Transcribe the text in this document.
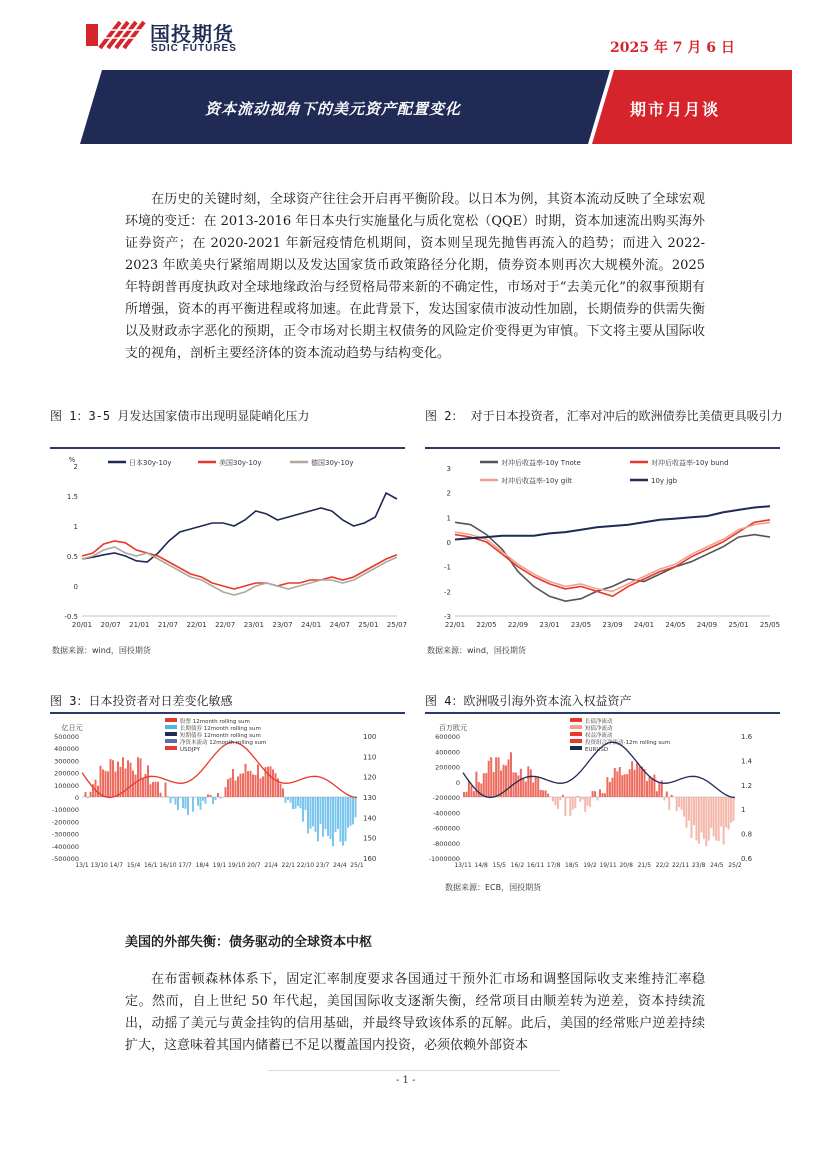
国投期货
SDIC FUTURES	2025 年 7 月 6 日
资本流动视角下的美元资产配置变化	期市月月谈

在历史的关键时刻，全球资产往往会开启再平衡阶段。以日本为例，其资本流动反映了全球宏观环境的变迁：在 2013-2016 年日本央行实施量化与质化宽松（QQE）时期，资本加速流出购买海外证券资产；在 2020-2021 年新冠疫情危机期间，资本则呈现先抛售再流入的趋势；而进入 2022-2023 年欧美央行紧缩周期以及发达国家货币政策路径分化期，债券资本则再次大规模外流。2025 年特朗普再度执政对全球地缘政治与经贸格局带来新的不确定性，市场对于“去美元化”的叙事预期有所增强，资本的再平衡进程或将加速。在此背景下，发达国家债市波动性加剧，长期债券的供需失衡以及财政赤字恶化的预期，正令市场对长期主权债务的风险定价变得更为审慎。下文将主要从国际收支的视角，剖析主要经济体的资本流动趋势与结构变化。

图 1：3-5 月发达国家债市出现明显陡峭化压力	图 2： 对于日本投资者，汇率对冲后的欧洲债券比美债更具吸引力
图 3：日本投资者对日差变化敏感	图 4：欧洲吸引海外资本流入权益资产
%
2
1.5
1
0.5
0
-0.5
20/01 20/07 21/01 21/07 22/01 22/07 23/01 23/07 24/01 24/07 25/01 25/07
日本30y-10y	美国30y-10y	德国30y-10y
数据来源：wind，国投期货
3
2
1
0
-1
-2
-3
22/01 22/05 22/09 23/01 23/05 23/09 24/01 24/05 24/09 25/01 25/05
对冲后收益率-10y Tnote	对冲后收益率-10y bund
对冲后收益率-10y gilt	10y jgb
数据来源：wind，国投期货
亿日元
500000
400000
300000
200000
100000
0
-100000
-200000
-300000
-400000
-500000
100
110
120
130
140
150
160
13/1 13/10 14/7 15/4 16/1 16/10 17/7 18/4 19/1 19/10 20/7 21/4 22/1 22/10 23/7 24/4 25/1
股票 12month rolling sum
长期债券 12month rolling sum
短期债券 12month rolling sum
净资本流动 12month rolling sum
USDJPY
百万欧元
600000
400000
200000
0
-200000
-400000
-600000
-800000
-1000000
1.6
1.4
1.2
1
0.8
0.6
13/11 14/8 15/5 16/2 16/11 17/8 18/5 19/2 19/11 20/8 21/5 22/2 22/11 23/8 24/5 25/2
长债净流动
短债净流动
权益净流动
投资组合净流动-12m rolling sum
EURUSD
数据来源：ECB，国投期货
美国的外部失衡：债务驱动的全球资本中枢

在布雷顿森林体系下，固定汇率制度要求各国通过干预外汇市场和调整国际收支来维持汇率稳定。然而，自上世纪 50 年代起，美国国际收支逐渐失衡，经常项目由顺差转为逆差，资本持续流出，动摇了美元与黄金挂钩的信用基础，并最终导致该体系的瓦解。此后，美国的经常账户逆差持续扩大，这意味着其国内储蓄已不足以覆盖国内投资，必须依赖外部资本

- 1 -
